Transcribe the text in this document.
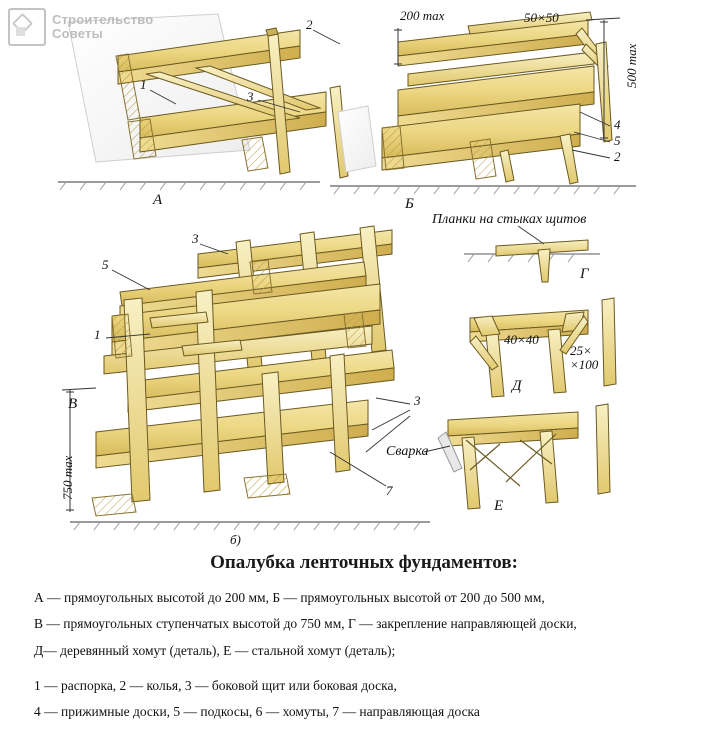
А	Б
В
Г
Д
Е
200 max	50×50
500 max
750 max
40×40
25× ×100
Планки на стыках щитов
Сварка
б)
1
2
3
4
5
2
3
5
1
3
7
Строительство
Советы
Опалубка ленточных фундаментов:
А — прямоугольных высотой до 200 мм, Б — прямоугольных высотой от 200 до 500 мм,
В — прямоугольных ступенчатых высотой до 750 мм, Г — закрепление направляющей доски,
Д— деревянный хомут (деталь), Е — стальной хомут (деталь);
1 — распорка, 2 — колья, 3 — боковой щит или боковая доска,
4 — прижимные доски, 5 — подкосы, 6 — хомуты, 7 — направляющая доска
